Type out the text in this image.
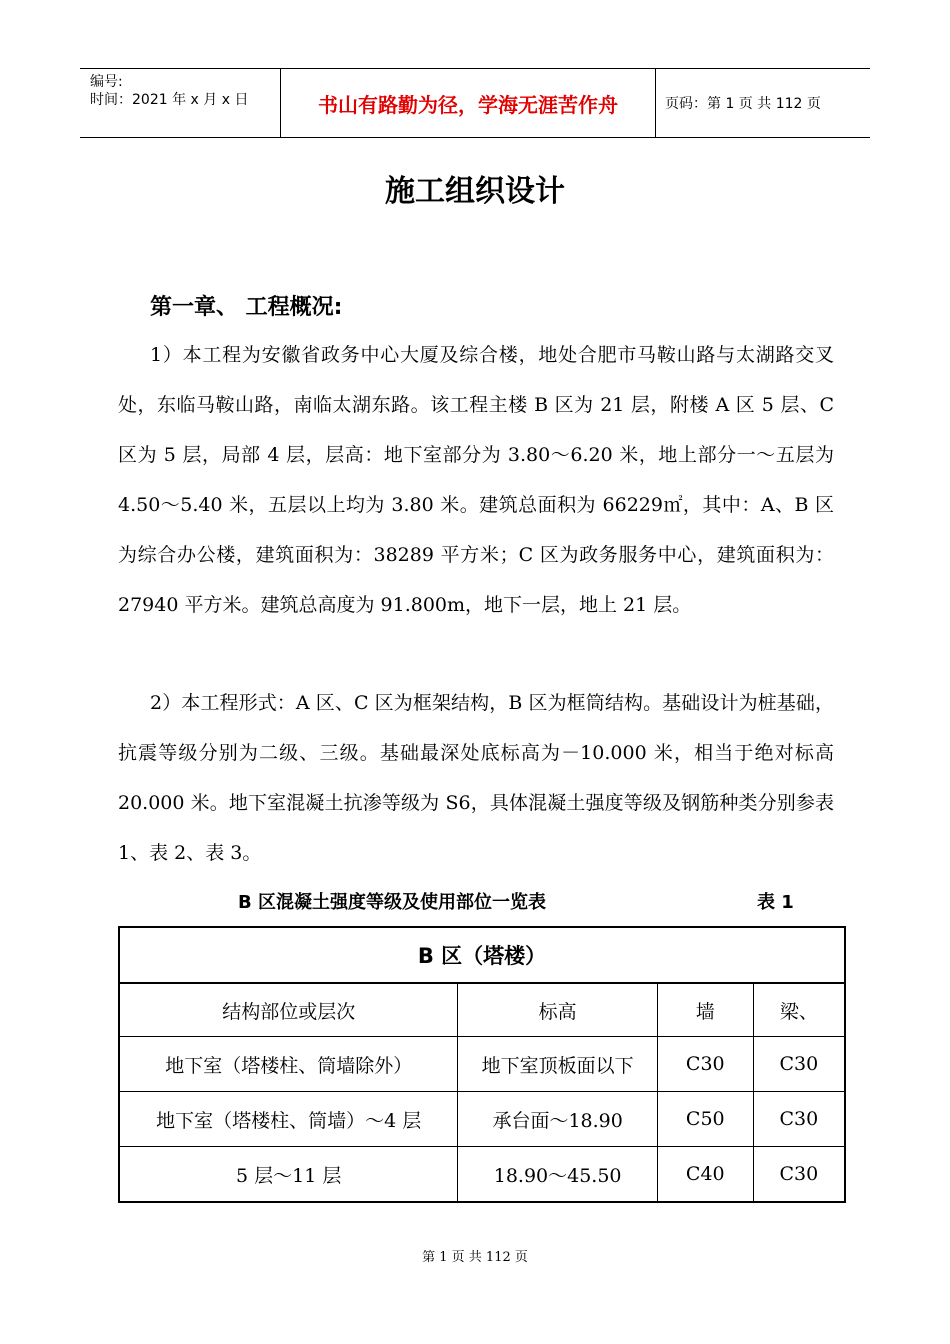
编号:
时间：2021 年 x 月 x 日	书山有路勤为径，学海无涯苦作舟	页码：第 1 页 共 112 页
施工组织设计
第一章、 工程概况:

1）本工程为安徽省政务中心大厦及综合楼，地处合肥市马鞍山路与太湖路交叉处，东临马鞍山路，南临太湖东路。该工程主楼 B 区为 21 层，附楼 A 区 5 层、C 区为 5 层，局部 4 层，层高：地下室部分为 3.80～6.20 米，地上部分一～五层为 4.50～5.40 米，五层以上均为 3.80 米。建筑总面积为 66229㎡，其中：A、B 区为综合办公楼，建筑面积为：38289 平方米；C 区为政务服务中心，建筑面积为：27940 平方米。建筑总高度为 91.800m，地下一层，地上 21 层。

2）本工程形式：A 区、C 区为框架结构，B 区为框筒结构。基础设计为桩基础，抗震等级分别为二级、三级。基础最深处底标高为－10.000 米，相当于绝对标高 20.000 米。地下室混凝土抗渗等级为 S6，具体混凝土强度等级及钢筋种类分别参表 1、表 2、表 3。

B 区混凝土强度等级及使用部位一览表	表 1
B 区（塔楼）			
结构部位或层次	标高	墙	梁、
地下室（塔楼柱、筒墙除外）	地下室顶板面以下	C30	C30
地下室（塔楼柱、筒墙）～4 层	承台面～18.90	C50	C30
5 层～11 层	18.90～45.50	C40	C30
第 1 页 共 112 页
